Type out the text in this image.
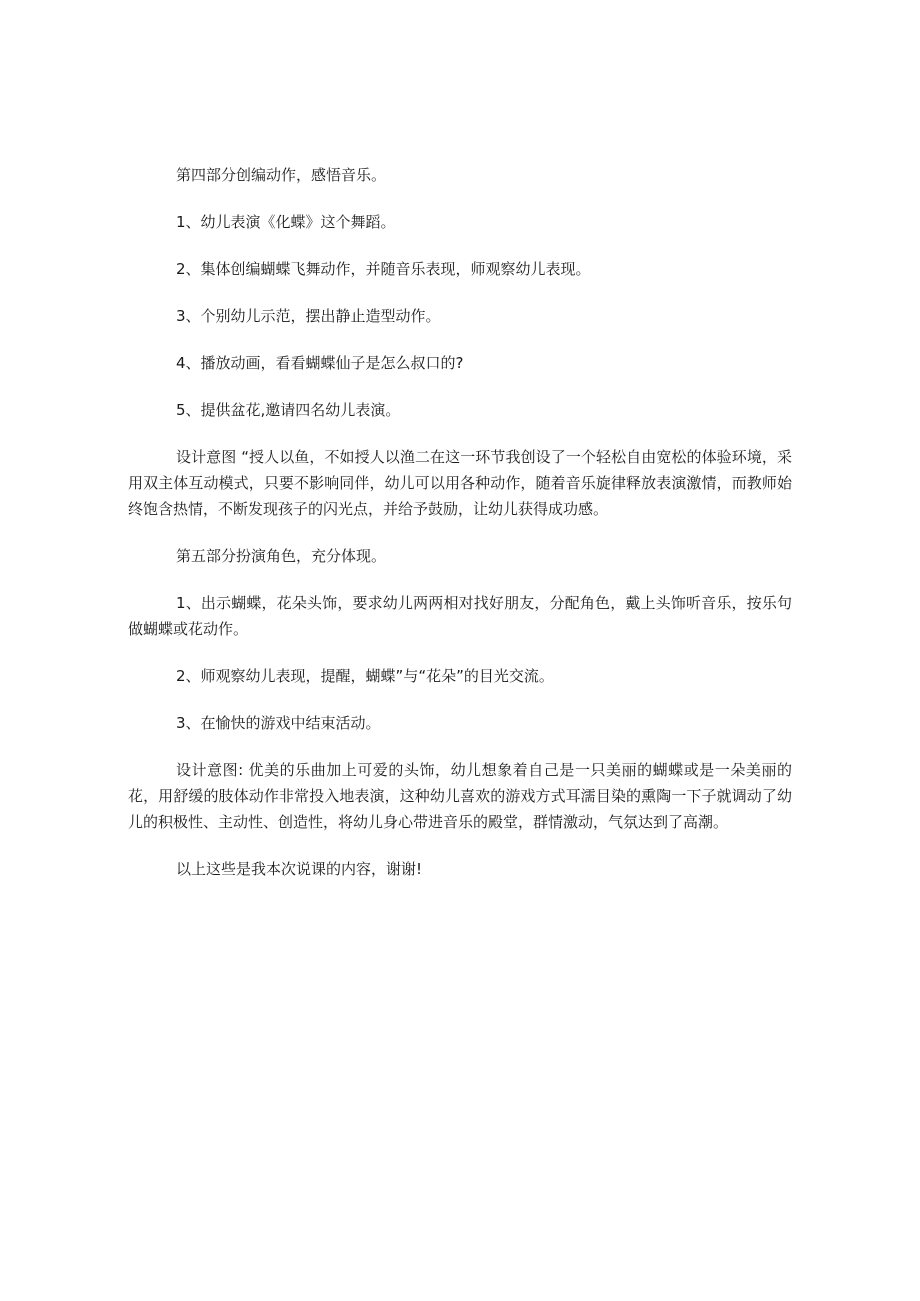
第四部分创编动作，感悟音乐。

1、幼儿表演《化蝶》这个舞蹈。

2、集体创编蝴蝶飞舞动作，并随音乐表现，师观察幼儿表现。

3、个别幼儿示范，摆出静止造型动作。

4、播放动画，看看蝴蝶仙子是怎么叔口的?

5、提供盆花,邀请四名幼儿表演。

设计意图 “授人以鱼，不如授人以渔二在这一环节我创设了一个轻松自由宽松的体验环境，采用双主体互动模式，只要不影响同伴，幼儿可以用各种动作，随着音乐旋律释放表演激情，而教师始终饱含热情，不断发现孩子的闪光点，并给予鼓励，让幼儿获得成功感。

第五部分扮演角色，充分体现。

1、出示蝴蝶，花朵头饰，要求幼儿两两相对找好朋友，分配角色，戴上头饰听音乐，按乐句做蝴蝶或花动作。

2、师观察幼儿表现，提醒，蝴蝶”与“花朵”的目光交流。

3、在愉快的游戏中结束活动。

设计意图: 优美的乐曲加上可爱的头饰，幼儿想象着自己是一只美丽的蝴蝶或是一朵美丽的花，用舒缓的肢体动作非常投入地表演，这种幼儿喜欢的游戏方式耳濡目染的熏陶一下子就调动了幼儿的积极性、主动性、创造性，将幼儿身心带进音乐的殿堂，群情激动，气氛达到了高潮。

以上这些是我本次说课的内容，谢谢!
